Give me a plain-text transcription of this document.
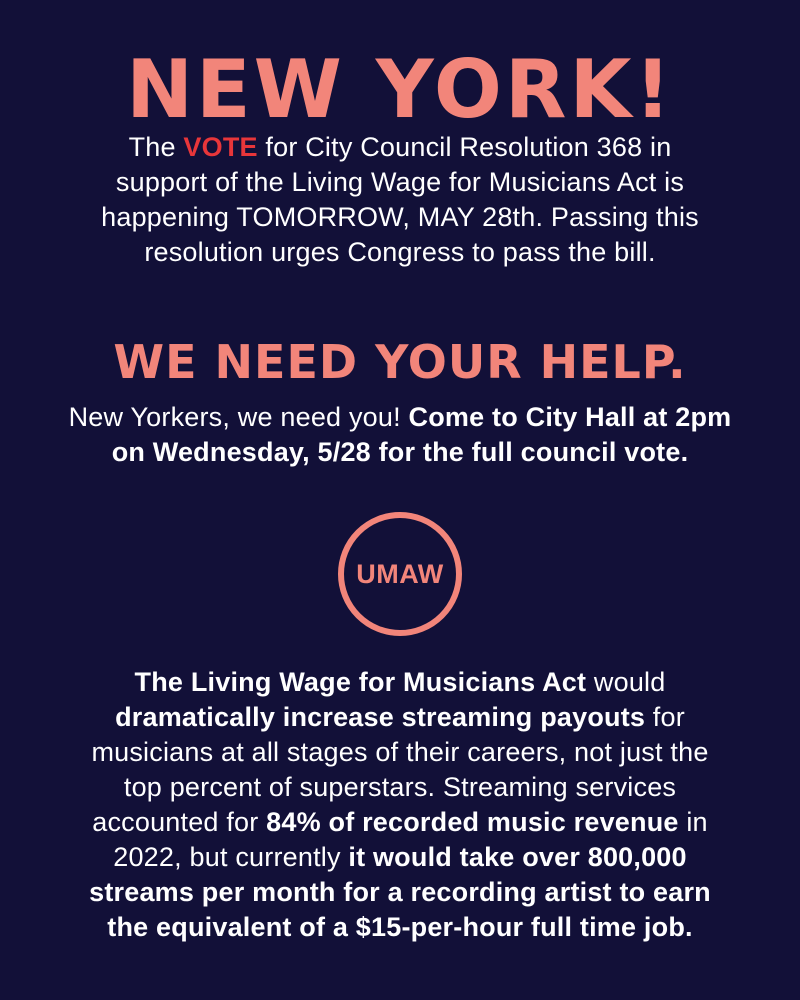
NEW YORK!

The VOTE for City Council Resolution 368 in
support of the Living Wage for Musicians Act is
happening TOMORROW, MAY 28th. Passing this
resolution urges Congress to pass the bill.

WE NEED YOUR HELP.

New Yorkers, we need you! Come to City Hall at 2pm
on Wednesday, 5/28 for the full council vote.

UMAW

The Living Wage for Musicians Act would
dramatically increase streaming payouts for
musicians at all stages of their careers, not just the
top percent of superstars. Streaming services
accounted for 84% of recorded music revenue in
2022, but currently it would take over 800,000
streams per month for a recording artist to earn
the equivalent of a $15-per-hour full time job.
